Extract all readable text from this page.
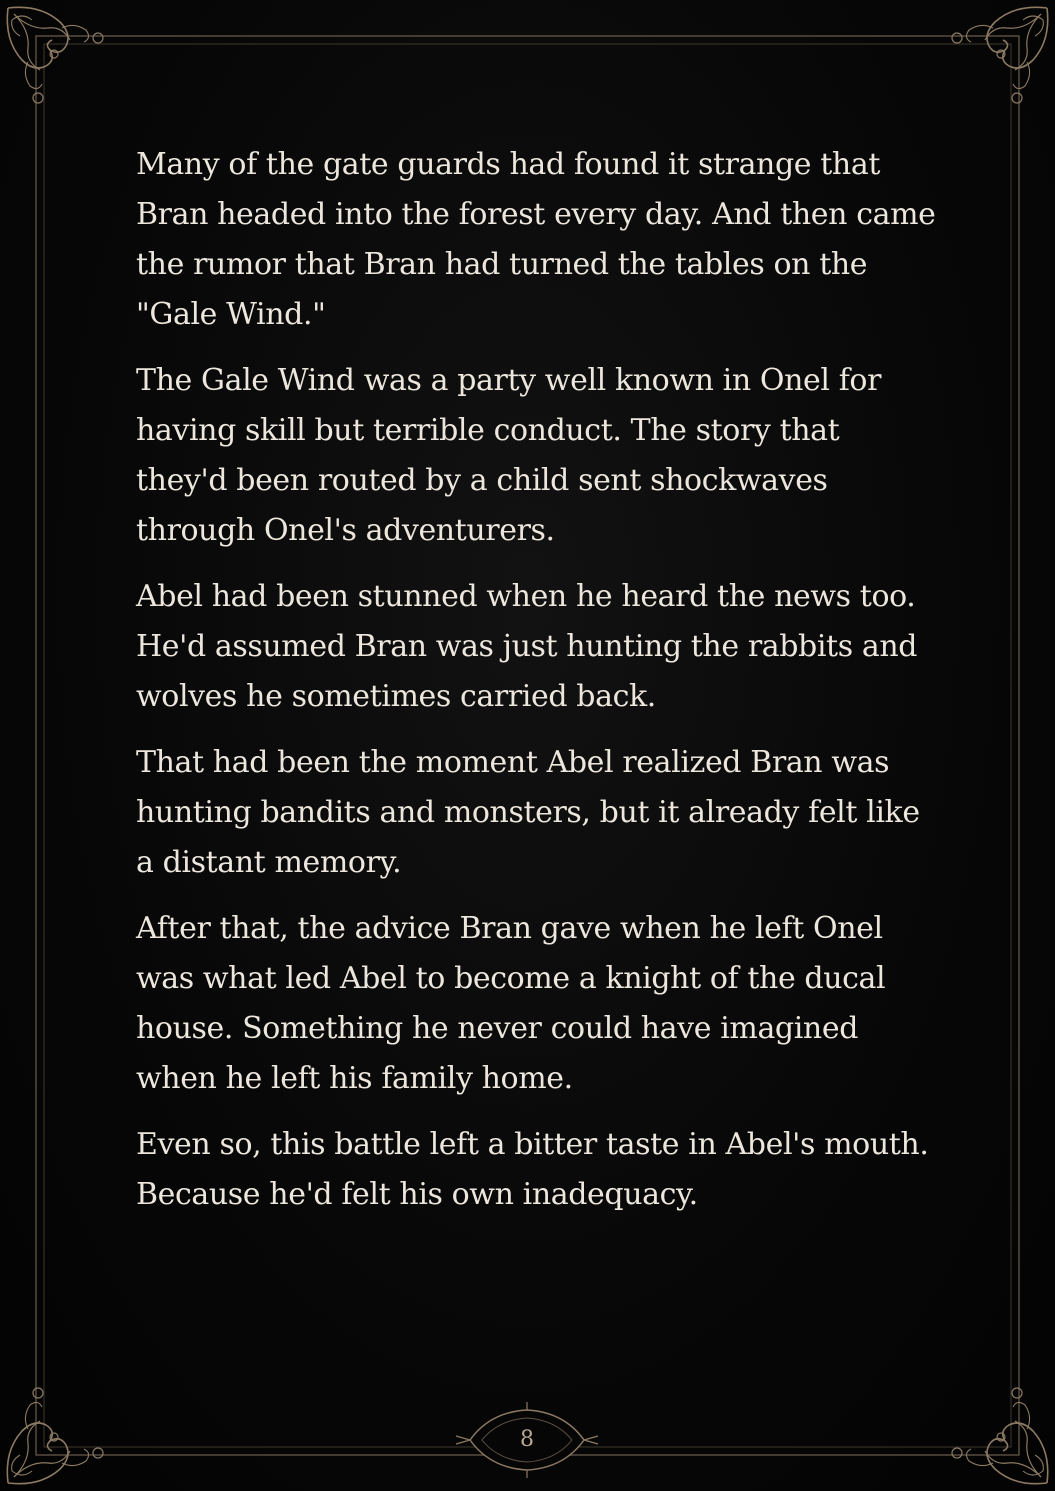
Many of the gate guards had found it strange that Bran headed into the forest every day. And then came the rumor that Bran had turned the tables on the "Gale Wind."

The Gale Wind was a party well known in Onel for having skill but terrible conduct. The story that they'd been routed by a child sent shockwaves through Onel's adventurers.

Abel had been stunned when he heard the news too. He'd assumed Bran was just hunting the rabbits and wolves he sometimes carried back.

That had been the moment Abel realized Bran was hunting bandits and monsters, but it already felt like a distant memory.

After that, the advice Bran gave when he left Onel was what led Abel to become a knight of the ducal house. Something he never could have imagined when he left his family home.

Even so, this battle left a bitter taste in Abel's mouth. Because he'd felt his own inadequacy.

8
